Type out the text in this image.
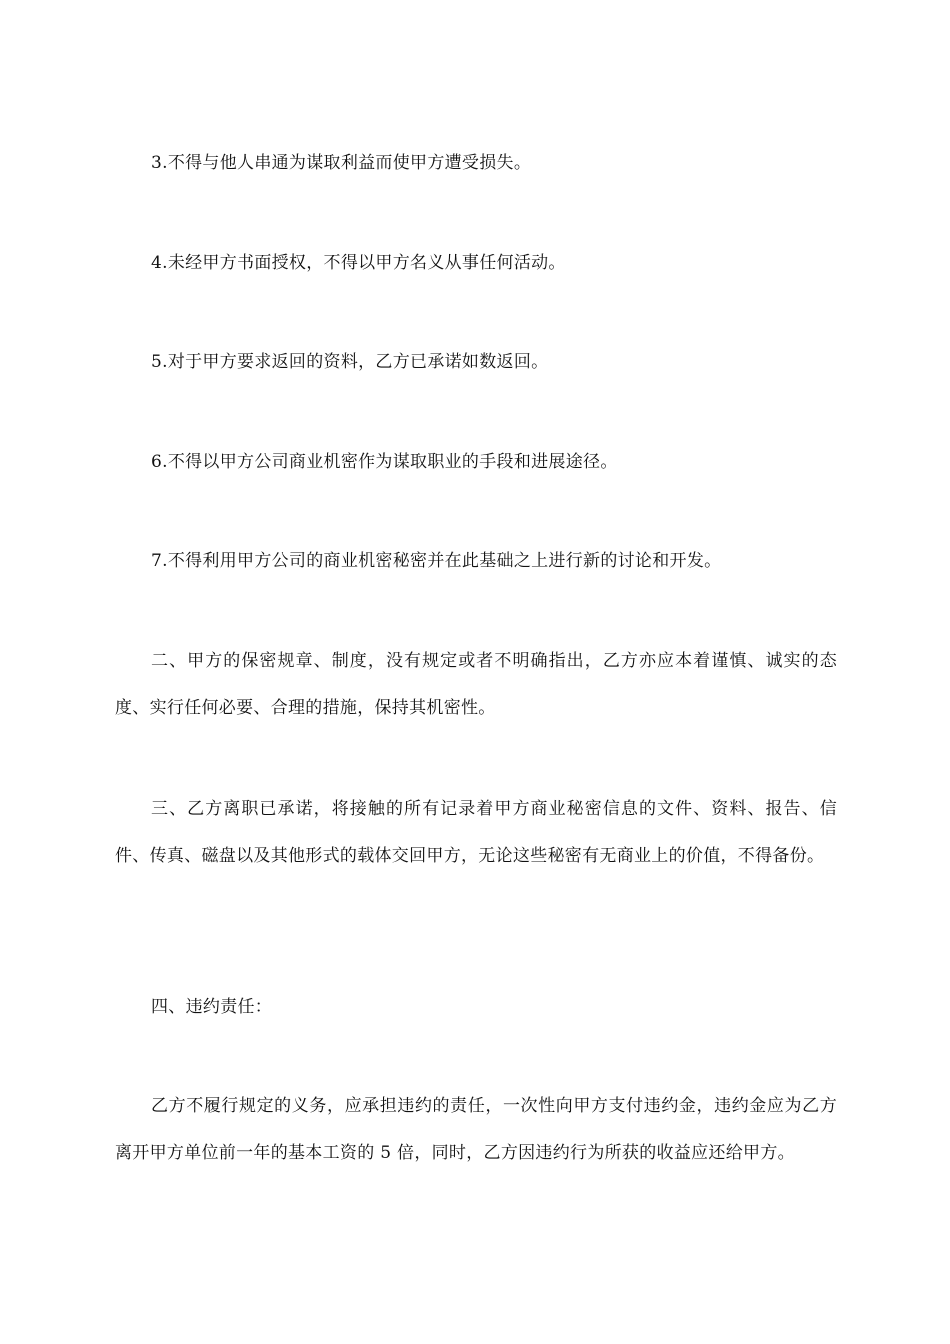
3.不得与他人串通为谋取利益而使甲方遭受损失。

4.未经甲方书面授权，不得以甲方名义从事任何活动。

5.对于甲方要求返回的资料，乙方已承诺如数返回。

6.不得以甲方公司商业机密作为谋取职业的手段和进展途径。

7.不得利用甲方公司的商业机密秘密并在此基础之上进行新的讨论和开发。

二、甲方的保密规章、制度，没有规定或者不明确指出，乙方亦应本着谨慎、诚实的态度、实行任何必要、合理的措施，保持其机密性。

三、乙方离职已承诺，将接触的所有记录着甲方商业秘密信息的文件、资料、报告、信件、传真、磁盘以及其他形式的载体交回甲方，无论这些秘密有无商业上的价值，不得备份。

四、违约责任：

乙方不履行规定的义务，应承担违约的责任，一次性向甲方支付违约金，违约金应为乙方离开甲方单位前一年的基本工资的 5 倍，同时，乙方因违约行为所获的收益应还给甲方。
